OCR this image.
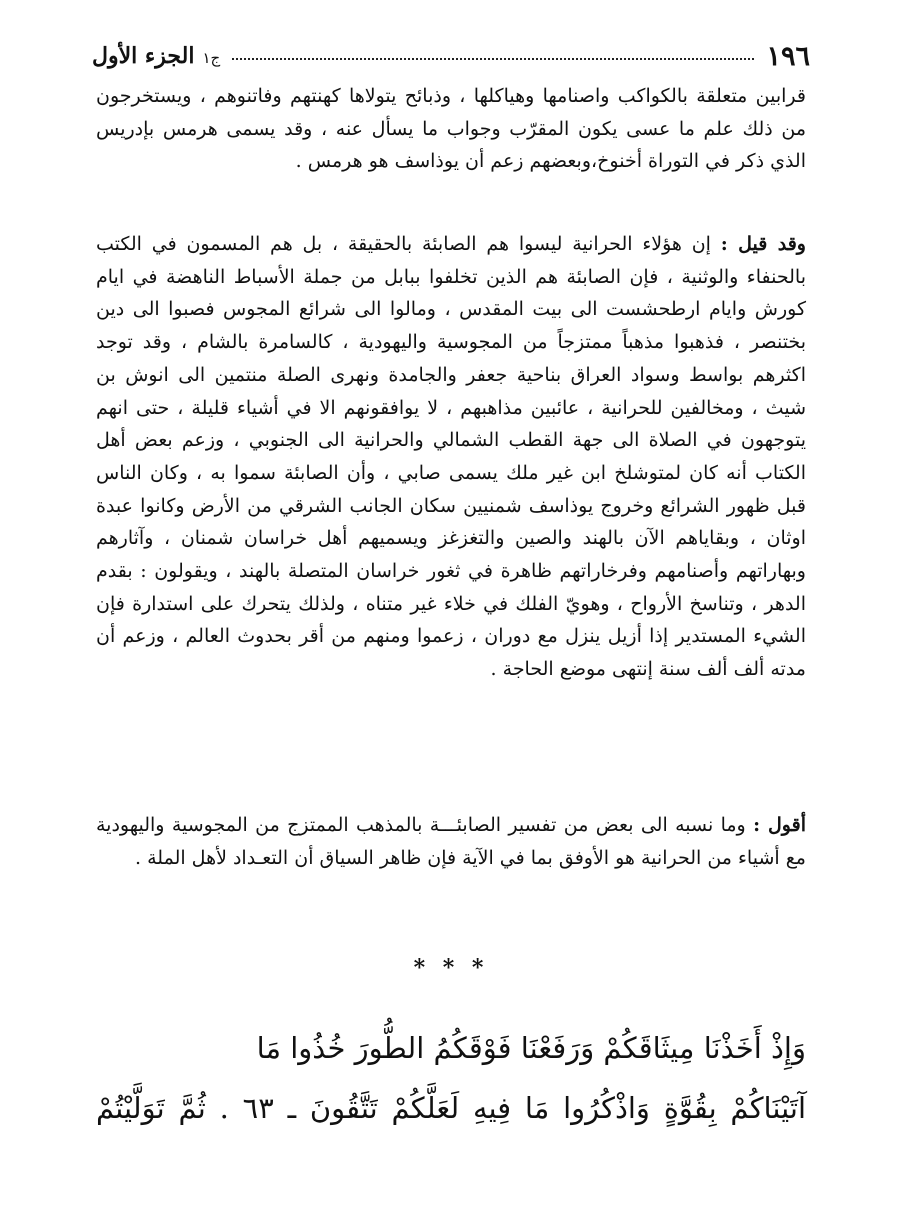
١٩٦
ج١الجزء الأول
قرابين متعلقة بالكواكب واصنامها وهياكلها ، وذبائح يتولاها كهنتهم وفاتنوهم ، ويستخرجون من ذلك علم ما عسى يكون المقرّب وجواب ما يسأل عنه ، وقد يسمى هرمس بإدريس الذي ذكر في التوراة أخنوخ،وبعضهم زعم أن يوذاسف هو هرمس .
وقد قيل : إن هؤلاء الحرانية ليسوا هم الصابئة بالحقيقة ، بل هم المسمون في الكتب بالحنفاء والوثنية ، فإن الصابئة هم الذين تخلفوا ببابل من جملة الأسباط الناهضة في ايام كورش وايام ارطحشست الى بيت المقدس ، ومالوا الى شرائع المجوس فصبوا الى دين بختنصر ، فذهبوا مذهباً ممتزجاً من المجوسية واليهودية ، كالسامرة بالشام ، وقد توجد اكثرهم بواسط وسواد العراق بناحية جعفر والجامدة ونهرى الصلة منتمين الى انوش بن شيث ، ومخالفين للحرانية ، عائبين مذاهبهم ، لا يوافقونهم الا في أشياء قليلة ، حتى انهم يتوجهون في الصلاة الى جهة القطب الشمالي والحرانية الى الجنوبي ، وزعم بعض أهل الكتاب أنه كان لمتوشلخ ابن غير ملك يسمى صابي ، وأن الصابئة سموا به ، وكان الناس قبل ظهور الشرائع وخروج يوذاسف شمنيين سكان الجانب الشرقي من الأرض وكانوا عبدة اوثان ، وبقاياهم الآن بالهند والصين والتغزغز ويسميهم أهل خراسان شمنان ، وآثارهم وبهاراتهم وأصنامهم وفرخاراتهم ظاهرة في ثغور خراسان المتصلة بالهند ، ويقولون : بقدم الدهر ، وتناسخ الأرواح ، وهويّ الفلك في خلاء غير متناه ، ولذلك يتحرك على استدارة فإن الشيء المستدير إذا أزيل ينزل مع دوران ، زعموا ومنهم من أقر بحدوث العالم ، وزعم أن مدته ألف ألف سنة إنتهى موضع الحاجة .
أقول : وما نسبه الى بعض من تفسير الصابئـــة بالمذهب الممتزج من المجوسية واليهودية مع أشياء من الحرانية هو الأوفق بما في الآية فإن ظاهر السياق أن التعـداد لأهل الملة .
* * *
وَإِذْ أَخَذْنَا مِيثَاقَكُمْ وَرَفَعْنَا فَوْقَكُمُ الطُّورَ خُذُوا مَا
آتَيْنَاكُمْ بِقُوَّةٍ وَاذْكُرُوا مَا فِيهِ لَعَلَّكُمْ تَتَّقُونَ ـ ٦٣ . ثُمَّ تَوَلَّيْتُمْ
